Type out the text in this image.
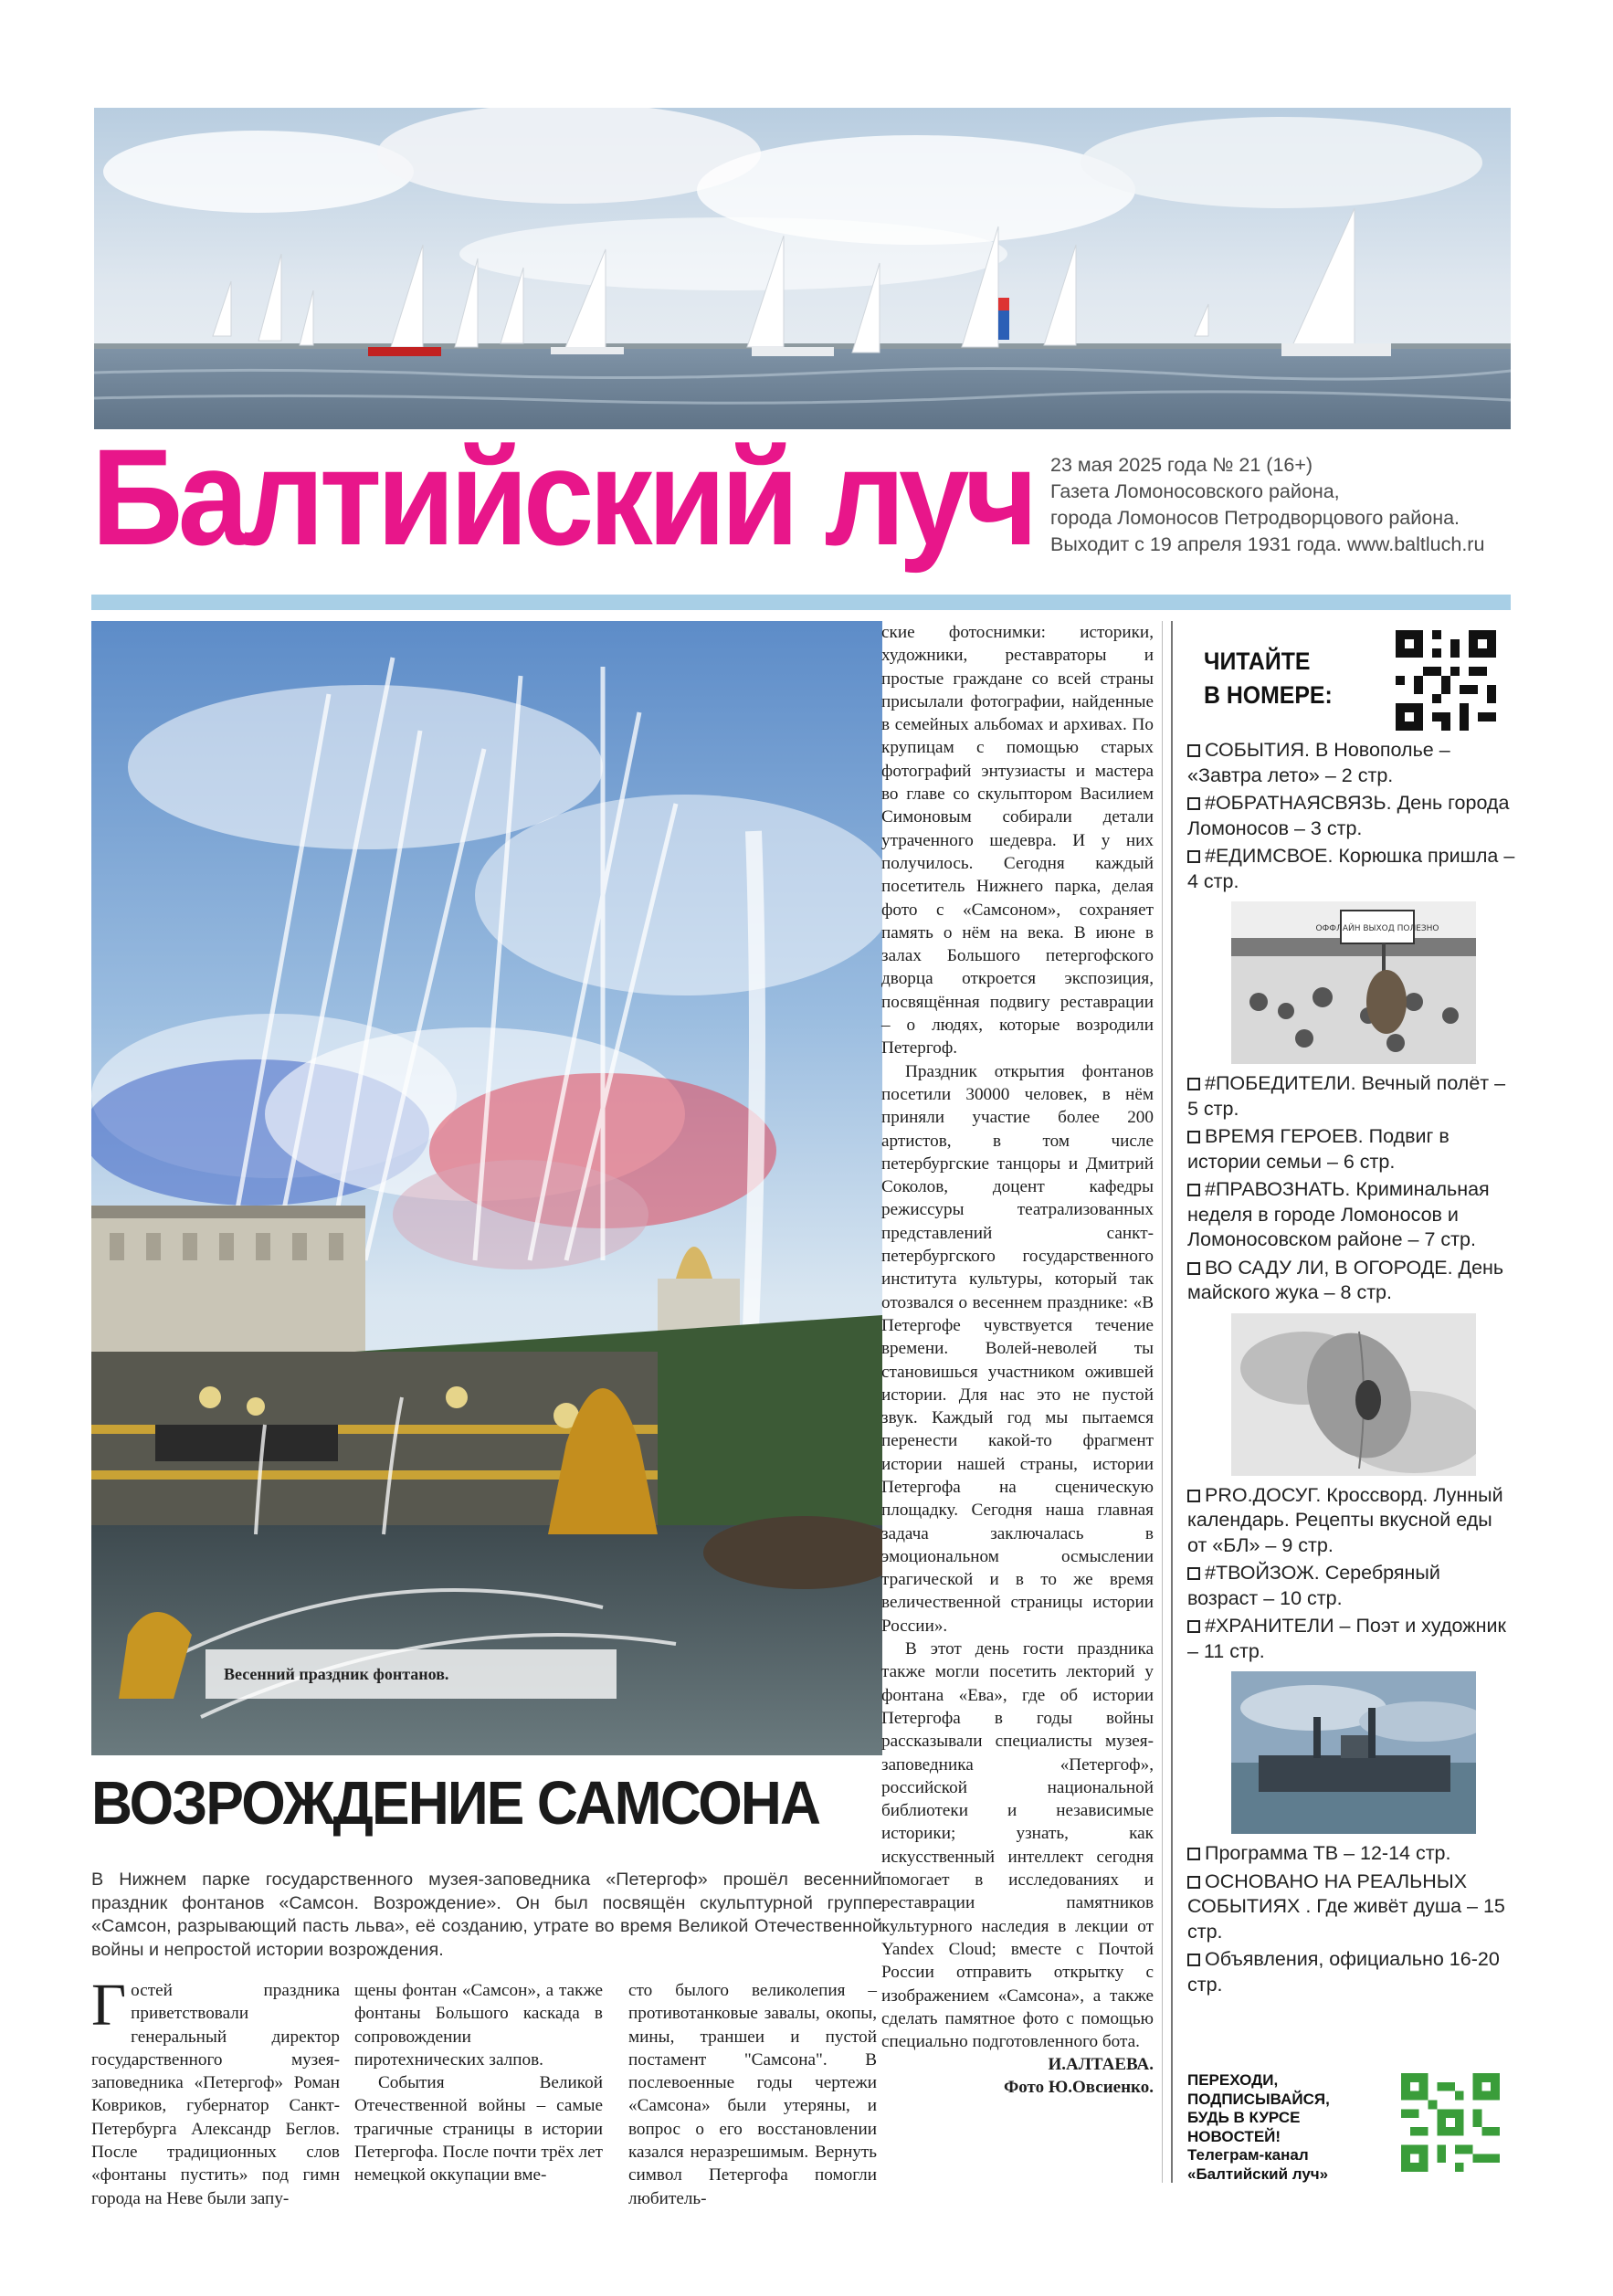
Балтийский луч 23 мая 2025 года № 21 (16+)
Газета Ломоносовского района,
города Ломоносов Петродворцового района.
Выходит с 19 апреля 1931 года. www.baltluch.ru
Весенний праздник фонтанов.
ВОЗРОЖДЕНИЕ САМСОНА
В Нижнем парке государственного музея-заповедника «Петергоф» прошёл весенний праздник фонтанов «Самсон. Возрождение». Он был посвящён скульптурной группе «Самсон, разрывающий пасть льва», её созданию, утрате во время Великой Отечественной войны и непростой истории возрождения.

Гостей праздника приветствовали генеральный директор государственного музея-заповедника «Петергоф» Роман Ковриков, губернатор Санкт-Петербурга Александр Беглов. После традиционных слов «фонтаны пустить» под гимн города на Неве были запу-

щены фонтан «Самсон», а также фонтаны Большого каскада в сопровождении пиротехнических залпов.

События Великой Отечественной войны – самые трагичные страницы в истории Петергофа. После почти трёх лет немецкой оккупации вме-

сто былого великолепия – противотанковые завалы, окопы, мины, траншеи и пустой постамент "Самсона". В послевоенные годы чертежи «Самсона» были утеряны, и вопрос о его восстановлении казался неразрешимым. Вернуть символ Петергофа помогли любитель-

ские фотоснимки: историки, художники, реставраторы и простые граждане со всей страны присылали фотографии, найденные в семейных альбомах и архивах. По крупицам с помощью старых фотографий энтузиасты и мастера во главе со скульптором Василием Симоновым собирали детали утраченного шедевра. И у них получилось. Сегодня каждый посетитель Нижнего парка, делая фото с «Самсоном», сохраняет память о нём на века. В июне в залах Большого петергофского дворца откроется экспозиция, посвящённая подвигу реставрации – о людях, которые возродили Петергоф.

Праздник открытия фонтанов посетили 30000 человек, в нём приняли участие более 200 артистов, в том числе петербургские танцоры и Дмитрий Соколов, доцент кафедры режиссуры театрализованных представлений санкт-петербургского государственного института культуры, который так отозвался о весеннем празднике: «В Петергофе чувствуется течение времени. Волей-неволей ты становишься участником ожившей истории. Для нас это не пустой звук. Каждый год мы пытаемся перенести какой-то фрагмент истории нашей страны, истории Петергофа на сценическую площадку. Сегодня наша главная задача заключалась в эмоциональном осмыслении трагической и в то же время величественной страницы истории России».

В этот день гости праздника также могли посетить лекторий у фонтана «Ева», где об истории Петергофа в годы войны рассказывали специалисты музея-заповедника «Петергоф», российской национальной библиотеки и независимые историки; узнать, как искусственный интеллект сегодня помогает в исследованиях и реставрации памятников культурного наследия в лекции от Yandex Cloud; вместе с Почтой России отправить открытку с изображением «Самсона», а также сделать памятное фото с помощью специально подготовленного бота.

И.АЛТАЕВА.
Фото Ю.Овсиенко.
ЧИТАЙТЕ
В НОМЕРЕ:
СОБЫТИЯ. В Новополье – «Завтра лето» – 2 стр.
#ОБРАТНАЯСВЯЗЬ. День города Ломоносов – 3 стр.
#ЕДИМСВОЕ. Корюшка пришла – 4 стр.
ОФФЛАЙН ВЫХОД ПОЛЕЗНО
#ПОБЕДИТЕЛИ. Вечный полёт – 5 стр.
ВРЕМЯ ГЕРОЕВ. Подвиг в истории семьи – 6 стр.
#ПРАВОЗНАТЬ. Криминальная неделя в городе Ломоносов и Ломоносовском районе – 7 стр.
ВО САДУ ЛИ, В ОГОРОДЕ. День майского жука – 8 стр.
PRO.ДОСУГ. Кроссворд. Лунный календарь. Рецепты вкусной еды от «БЛ» – 9 стр.
#ТВОЙЗОЖ. Серебряный возраст – 10 стр.
#ХРАНИТЕЛИ – Поэт и художник – 11 стр.
Программа ТВ – 12-14 стр.
ОСНОВАНО НА РЕАЛЬНЫХ СОБЫТИЯХ . Где живёт душа – 15 стр.
Объявления, официально 16-20 стр.
ПЕРЕХОДИ,
ПОДПИСЫВАЙСЯ,
БУДЬ В КУРСЕ
НОВОСТЕЙ!
Телеграм-канал
«Балтийский луч»
